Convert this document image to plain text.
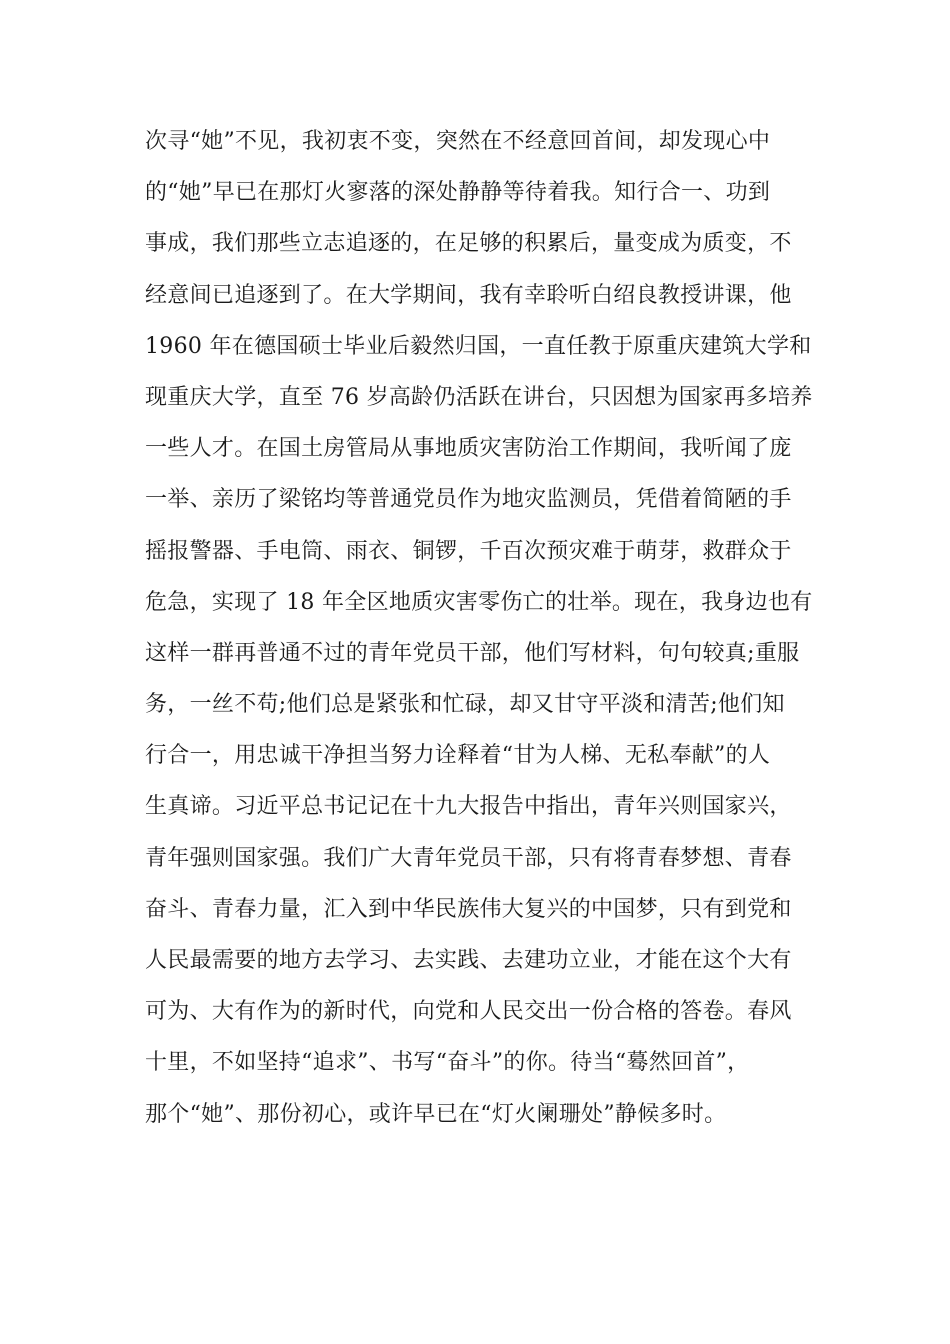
次寻“她”不见，我初衷不变，突然在不经意回首间，却发现心中
的“她”早已在那灯火寥落的深处静静等待着我。知行合一、功到
事成，我们那些立志追逐的，在足够的积累后，量变成为质变，不
经意间已追逐到了。在大学期间，我有幸聆听白绍良教授讲课，他
1960 年在德国硕士毕业后毅然归国，一直任教于原重庆建筑大学和
现重庆大学，直至 76 岁高龄仍活跃在讲台，只因想为国家再多培养
一些人才。在国土房管局从事地质灾害防治工作期间，我听闻了庞
一举、亲历了梁铭均等普通党员作为地灾监测员，凭借着简陋的手
摇报警器、手电筒、雨衣、铜锣，千百次预灾难于萌芽，救群众于
危急，实现了 18 年全区地质灾害零伤亡的壮举。现在，我身边也有
这样一群再普通不过的青年党员干部，他们写材料，句句较真;重服
务，一丝不苟;他们总是紧张和忙碌，却又甘守平淡和清苦;他们知
行合一，用忠诚干净担当努力诠释着“甘为人梯、无私奉献”的人
生真谛。习近平总书记记在十九大报告中指出，青年兴则国家兴，
青年强则国家强。我们广大青年党员干部，只有将青春梦想、青春
奋斗、青春力量，汇入到中华民族伟大复兴的中国梦，只有到党和
人民最需要的地方去学习、去实践、去建功立业，才能在这个大有
可为、大有作为的新时代，向党和人民交出一份合格的答卷。春风
十里，不如坚持“追求”、书写“奋斗”的你。待当“蓦然回首”，
那个“她”、那份初心，或许早已在“灯火阑珊处”静候多时。
